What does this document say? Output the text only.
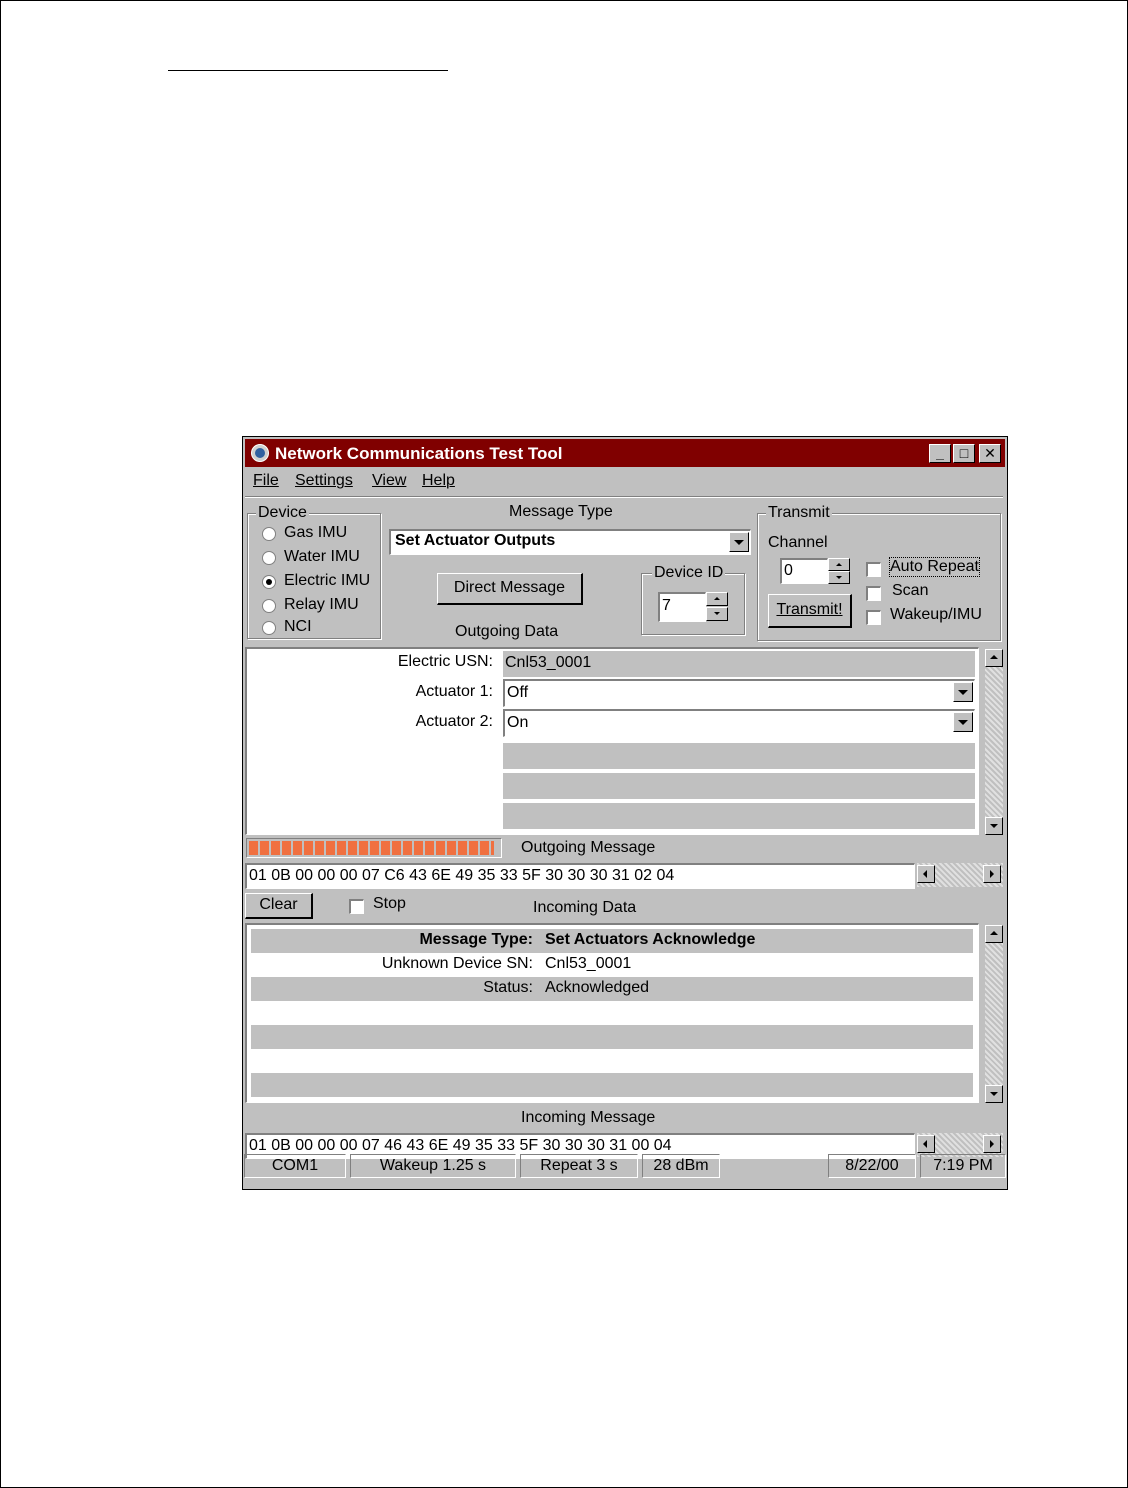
Network Communications Test Tool	_	□	✕
File Settings View Help
Device
Gas IMU
Water IMU
Electric IMU
Relay IMU
NCI
Message Type
Set Actuator Outputs
Direct Message
Outgoing Data
Device ID
7
Transmit
Channel
0
Transmit!
Auto Repeat
Scan
Wakeup/IMU
Electric USN: Cnl53_0001
Actuator 1: Off
Actuator 2: On
Outgoing Message
01 0B 00 00 00 07 C6 43 6E 49 35 33 5F 30 30 30 31 02 04
Clear	Stop	Incoming Data
Message Type: Set Actuators Acknowledge
Unknown Device SN: Cnl53_0001
Status: Acknowledged
Incoming Message
01 0B 00 00 00 07 46 43 6E 49 35 33 5F 30 30 30 31 00 04
COM1	Wakeup 1.25 s	Repeat 3 s	28 dBm	8/22/00	7:19 PM
